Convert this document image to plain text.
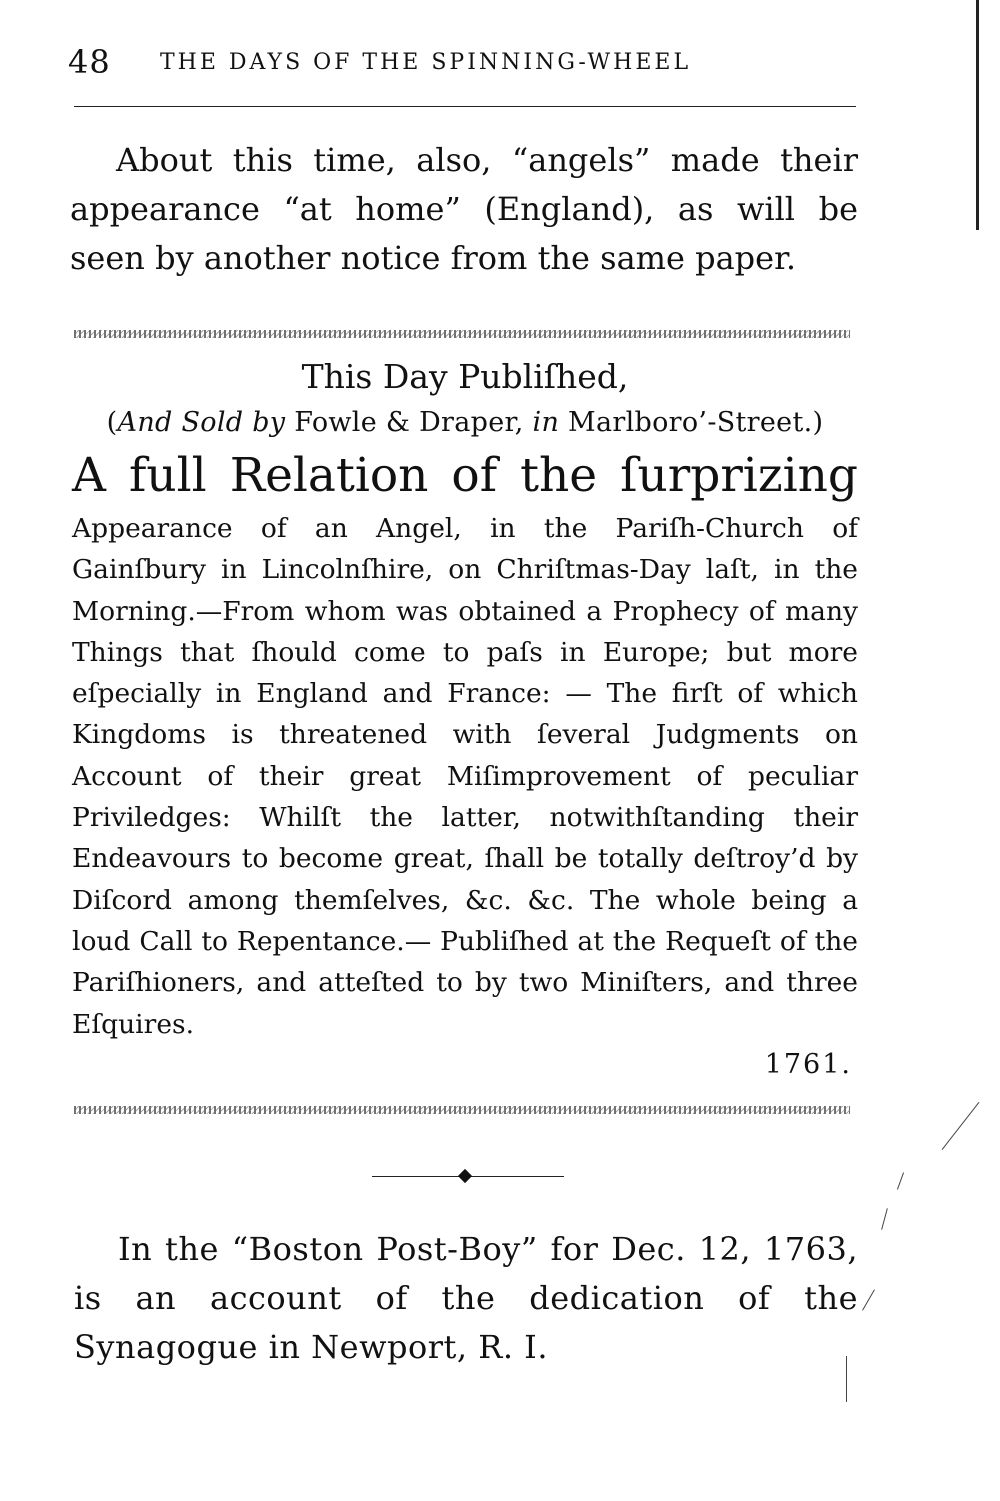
48 THE DAYS OF THE SPINNING-WHEEL

About this time, also, “angels” made their appearance “at home” (England), as will be seen by another notice from the same paper.

This Day Publiſhed,

(And Sold by Fowle & Draper, in Marlboro’-Street.)

A full Relation of the ſurprizing

Appearance of an Angel, in the Pariſh-Church of Gainſbury in Lincolnſhire, on Chriſtmas-Day laſt, in the Morning.—From whom was obtained a Prophecy of many Things that ſhould come to paſs in Europe; but more eſpecially in England and France: — The firſt of which Kingdoms is threatened with ſeveral Judgments on Account of their great Miſimprovement of peculiar Priviledges: Whilſt the latter, notwithſtanding their Endeavours to become great, ſhall be totally deſtroy’d by Diſcord among themſelves, &c. &c. The whole being a loud Call to Repentance.— Publiſhed at the Requeſt of the Pariſhioners, and atteſted to by two Miniſters, and three Eſquires.

1761.

In the “Boston Post-Boy” for Dec. 12, 1763, is an account of the dedication of the Synagogue in Newport, R. I.
